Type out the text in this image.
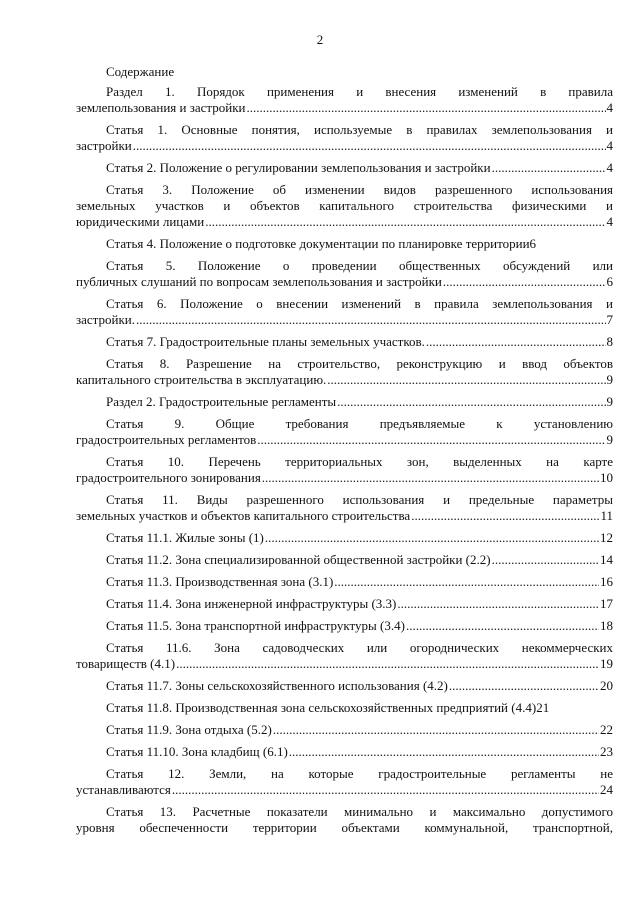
2
Содержание
Раздел 1. Порядок применения и внесения изменений в правила
землепользования и застройки .....	4
Статья 1. Основные понятия, используемые в правилах землепользования и
застройки .....	4
Статья 2. Положение о регулировании землепользования и застройки .....	4
Статья 3. Положение об изменении видов разрешенного использования
земельных участков и объектов капитального строительства физическими и
юридическими лицами .....	4
Статья 4. Положение о подготовке документации по планировке территории 6
Статья 5. Положение о проведении общественных обсуждений или
публичных слушаний по вопросам землепользования и застройки .....	6
Статья 6. Положение о внесении изменений в правила землепользования и
застройки. .....	7
Статья 7. Градостроительные планы земельных участков. .....	8
Статья 8. Разрешение на строительство, реконструкцию и ввод объектов
капитального строительства в эксплуатацию. .....	9
Раздел 2. Градостроительные регламенты .....	9
Статья 9. Общие требования предъявляемые к установлению
градостроительных регламентов .....	9
Статья 10. Перечень территориальных зон, выделенных на карте
градостроительного зонирования .....	10
Статья 11. Виды разрешенного использования и предельные параметры
земельных участков и объектов капитального строительства .....	11
Статья 11.1. Жилые зоны (1) .....	12
Статья 11.2. Зона специализированной общественной застройки (2.2) .....	14
Статья 11.3. Производственная зона (3.1) .....	16
Статья 11.4. Зона инженерной инфраструктуры (3.3) .....	17
Статья 11.5. Зона транспортной инфраструктуры (3.4) .....	18
Статья 11.6. Зона садоводческих или огороднических некоммерческих
товариществ (4.1) .....	19
Статья 11.7. Зоны сельскохозяйственного использования (4.2) .....	20
Статья 11.8. Производственная зона сельскохозяйственных предприятий (4.4) 21
Статья 11.9. Зона отдыха (5.2) .....	22
Статья 11.10. Зона кладбищ (6.1) .....	23
Статья 12. Земли, на которые градостроительные регламенты не
устанавливаются .....	24
Статья 13. Расчетные показатели минимально и максимально допустимого
уровня обеспеченности территории объектами коммунальной, транспортной,
